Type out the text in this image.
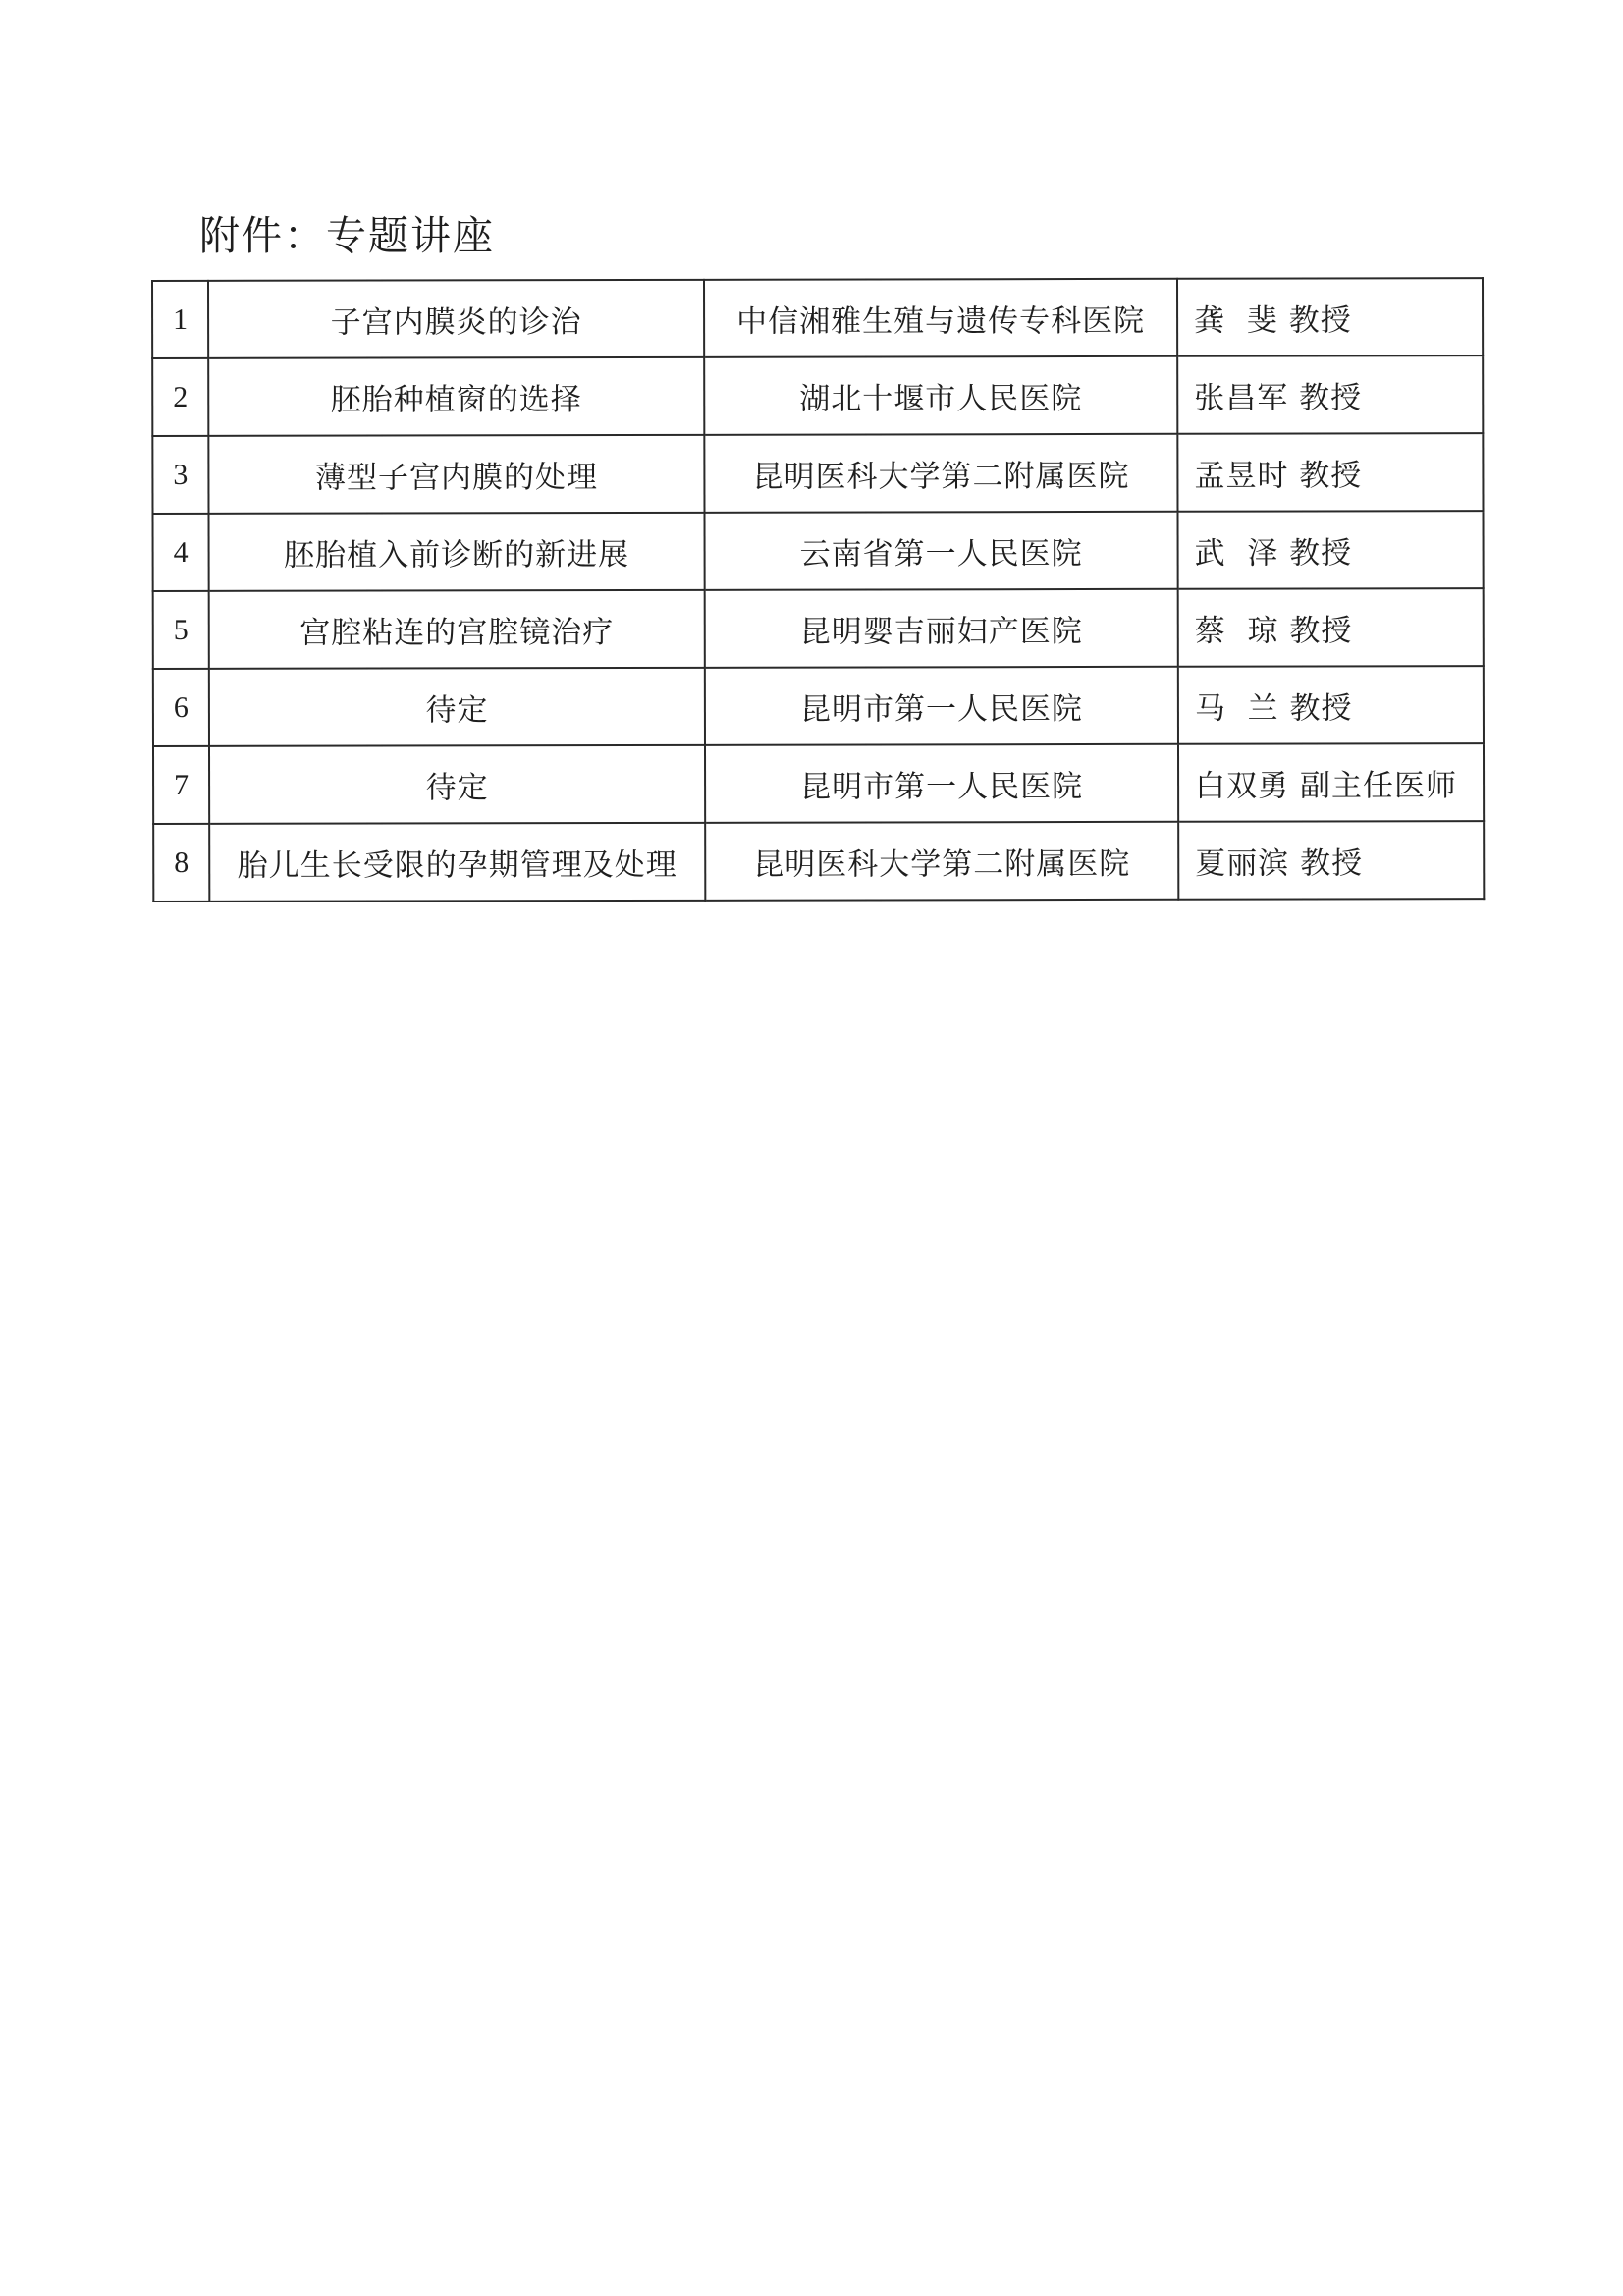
附件：专题讲座
1	子宫内膜炎的诊治	中信湘雅生殖与遗传专科医院	龚  斐 教授
2	胚胎种植窗的选择	湖北十堰市人民医院	张昌军 教授
3	薄型子宫内膜的处理	昆明医科大学第二附属医院	孟昱时 教授
4	胚胎植入前诊断的新进展	云南省第一人民医院	武  泽 教授
5	宫腔粘连的宫腔镜治疗	昆明婴吉丽妇产医院	蔡  琼 教授
6	待定	昆明市第一人民医院	马  兰 教授
7	待定	昆明市第一人民医院	白双勇 副主任医师
8	胎儿生长受限的孕期管理及处理	昆明医科大学第二附属医院	夏丽滨 教授
